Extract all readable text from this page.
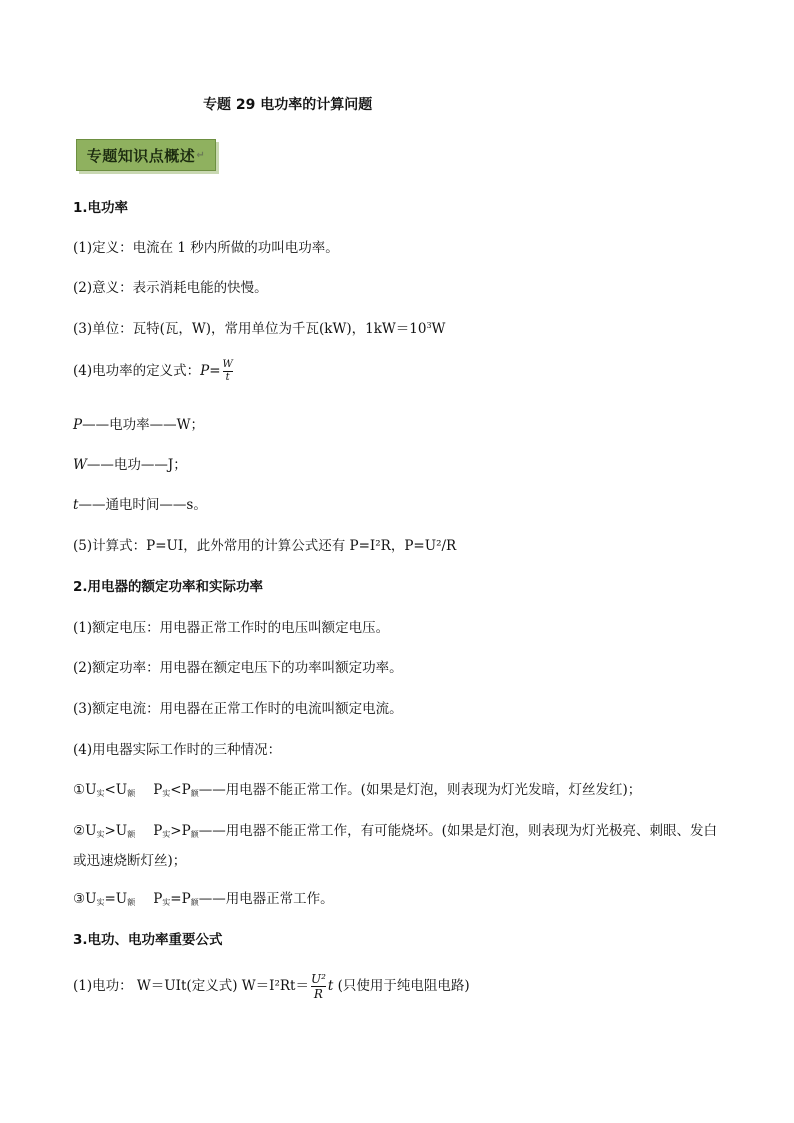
专题 29 电功率的计算问题
专题知识点概述 ↵
1.电功率
(1)定义：电流在 1 秒内所做的功叫电功率。
(2)意义：表示消耗电能的快慢。
(3)单位：瓦特(瓦，W)，常用单位为千瓦(kW)，$1kW=10^3W$
(4)电功率的定义式：$P= \frac{W}{t}$
P——电功率——W；
W——电功——J；
t——通电时间——s。
(5)计算式：P=UI，此外常用的计算公式还有 P=I²R，P=U²/R
2.用电器的额定功率和实际功率
(1)额定电压：用电器正常工作时的电压叫额定电压。
(2)额定功率：用电器在额定电压下的功率叫额定功率。
(3)额定电流：用电器在正常工作时的电流叫额定电流。
(4)用电器实际工作时的三种情况：
$①U_实<U_额$ $P_实<P_额——$用电器不能正常工作。(如果是灯泡，则表现为灯光发暗，灯丝发红)；
$②U_实>U_额$ $P_实>P_额——$用电器不能正常工作，有可能烧坏。(如果是灯泡，则表现为灯光极亮、刺眼、发白或迅速烧断灯丝)；
$③U_实=U_额$ $P_实=P_额——$用电器正常工作。
3.电功、电功率重要公式
(1)电功： W＝UIt(定义式) $W=I^2Rt= \frac{\text{U²}}{R}$ t (只使用于纯电阻电路)
